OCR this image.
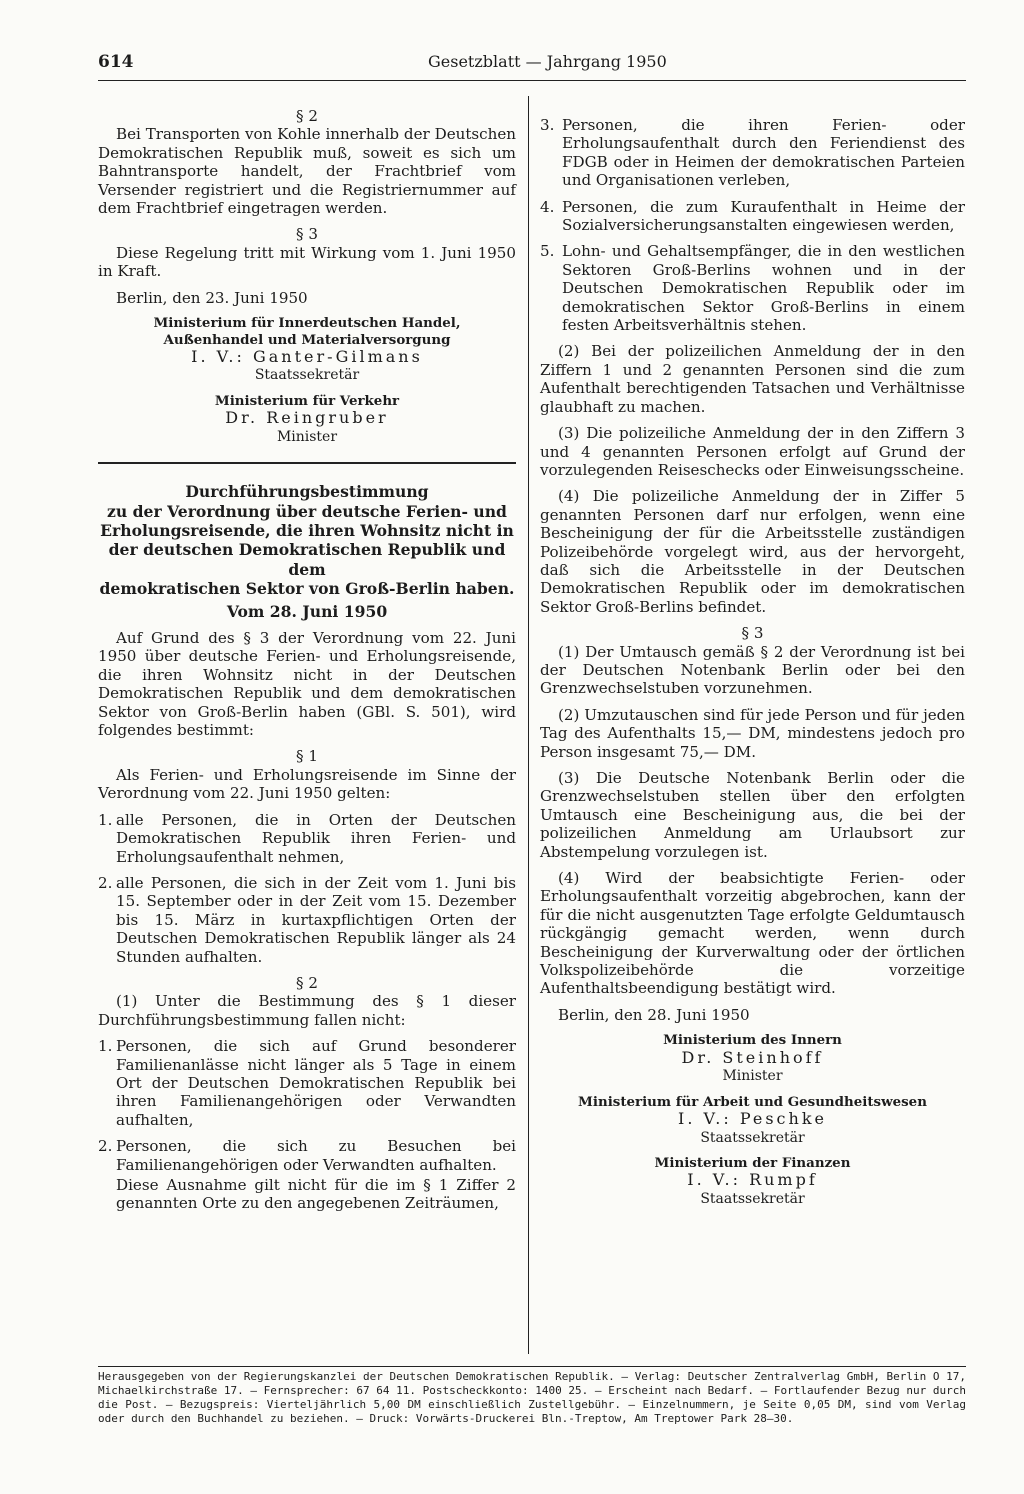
614	Gesetzblatt — Jahrgang 1950

§ 2

Bei Transporten von Kohle innerhalb der Deutschen Demokratischen Republik muß, soweit es sich um Bahntransporte handelt, der Frachtbrief vom Versender registriert und die Registriernummer auf dem Frachtbrief eingetragen werden.

§ 3

Diese Regelung tritt mit Wirkung vom 1. Juni 1950 in Kraft.

Berlin, den 23. Juni 1950

Ministerium für Innerdeutschen Handel,

Außenhandel und Materialversorgung

I. V.: Ganter-Gilmans

Staatssekretär

Ministerium für Verkehr

Dr. Reingruber

Minister

Durchführungsbestimmung

zu der Verordnung über deutsche Ferien- und

Erholungsreisende, die ihren Wohnsitz nicht in

der deutschen Demokratischen Republik und dem

demokratischen Sektor von Groß-Berlin haben.

Vom 28. Juni 1950

Auf Grund des § 3 der Verordnung vom 22. Juni 1950 über deutsche Ferien- und Erholungsreisende, die ihren Wohnsitz nicht in der Deutschen Demokratischen Republik und dem demokratischen Sektor von Groß-Berlin haben (GBl. S. 501), wird folgendes bestimmt:

§ 1

Als Ferien- und Erholungsreisende im Sinne der Verordnung vom 22. Juni 1950 gelten:

1. alle Personen, die in Orten der Deutschen Demokratischen Republik ihren Ferien- und Erholungsaufenthalt nehmen,
2. alle Personen, die sich in der Zeit vom 1. Juni bis 15. September oder in der Zeit vom 15. Dezember bis 15. März in kurtaxpflichtigen Orten der Deutschen Demokratischen Republik länger als 24 Stunden aufhalten.

§ 2

(1) Unter die Bestimmung des § 1 dieser Durchführungsbestimmung fallen nicht:

1. Personen, die sich auf Grund besonderer Familienanlässe nicht länger als 5 Tage in einem Ort der Deutschen Demokratischen Republik bei ihren Familienangehörigen oder Verwandten aufhalten,
2. Personen, die sich zu Besuchen bei Familienangehörigen oder Verwandten aufhalten.
Diese Ausnahme gilt nicht für die im § 1 Ziffer 2 genannten Orte zu den angegebenen Zeiträumen,
3. Personen, die ihren Ferien- oder Erholungsaufenthalt durch den Feriendienst des FDGB oder in Heimen der demokratischen Parteien und Organisationen verleben,
4. Personen, die zum Kuraufenthalt in Heime der Sozialversicherungsanstalten eingewiesen werden,
5. Lohn- und Gehaltsempfänger, die in den westlichen Sektoren Groß-Berlins wohnen und in der Deutschen Demokratischen Republik oder im demokratischen Sektor Groß-Berlins in einem festen Arbeitsverhältnis stehen.

(2) Bei der polizeilichen Anmeldung der in den Ziffern 1 und 2 genannten Personen sind die zum Aufenthalt berechtigenden Tatsachen und Verhältnisse glaubhaft zu machen.

(3) Die polizeiliche Anmeldung der in den Ziffern 3 und 4 genannten Personen erfolgt auf Grund der vorzulegenden Reiseschecks oder Einweisungsscheine.

(4) Die polizeiliche Anmeldung der in Ziffer 5 genannten Personen darf nur erfolgen, wenn eine Bescheinigung der für die Arbeitsstelle zuständigen Polizeibehörde vorgelegt wird, aus der hervorgeht, daß sich die Arbeitsstelle in der Deutschen Demokratischen Republik oder im demokratischen Sektor Groß-Berlins befindet.

§ 3

(1) Der Umtausch gemäß § 2 der Verordnung ist bei der Deutschen Notenbank Berlin oder bei den Grenzwechselstuben vorzunehmen.

(2) Umzutauschen sind für jede Person und für jeden Tag des Aufenthalts 15,— DM, mindestens jedoch pro Person insgesamt 75,— DM.

(3) Die Deutsche Notenbank Berlin oder die Grenzwechselstuben stellen über den erfolgten Umtausch eine Bescheinigung aus, die bei der polizeilichen Anmeldung am Urlaubsort zur Abstempelung vorzulegen ist.

(4) Wird der beabsichtigte Ferien- oder Erholungsaufenthalt vorzeitig abgebrochen, kann der für die nicht ausgenutzten Tage erfolgte Geldumtausch rückgängig gemacht werden, wenn durch Bescheinigung der Kurverwaltung oder der örtlichen Volkspolizeibehörde die vorzeitige Aufenthaltsbeendigung bestätigt wird.

Berlin, den 28. Juni 1950

Ministerium des Innern

Dr. Steinhoff

Minister

Ministerium für Arbeit und Gesundheitswesen

I. V.: Peschke

Staatssekretär

Ministerium der Finanzen

I. V.: Rumpf

Staatssekretär

Herausgegeben von der Regierungskanzlei der Deutschen Demokratischen Republik. — Verlag: Deutscher Zentralverlag GmbH, Berlin O 17, Michaelkirchstraße 17. — Fernsprecher: 67 64 11. Postscheckkonto: 1400 25. — Erscheint nach Bedarf. — Fortlaufender Bezug nur durch die Post. — Bezugspreis: Vierteljährlich 5,00 DM einschließlich Zustellgebühr. — Einzelnummern, je Seite 0,05 DM, sind vom Verlag oder durch den Buchhandel zu beziehen. — Druck: Vorwärts-Druckerei Bln.-Treptow, Am Treptower Park 28—30.
